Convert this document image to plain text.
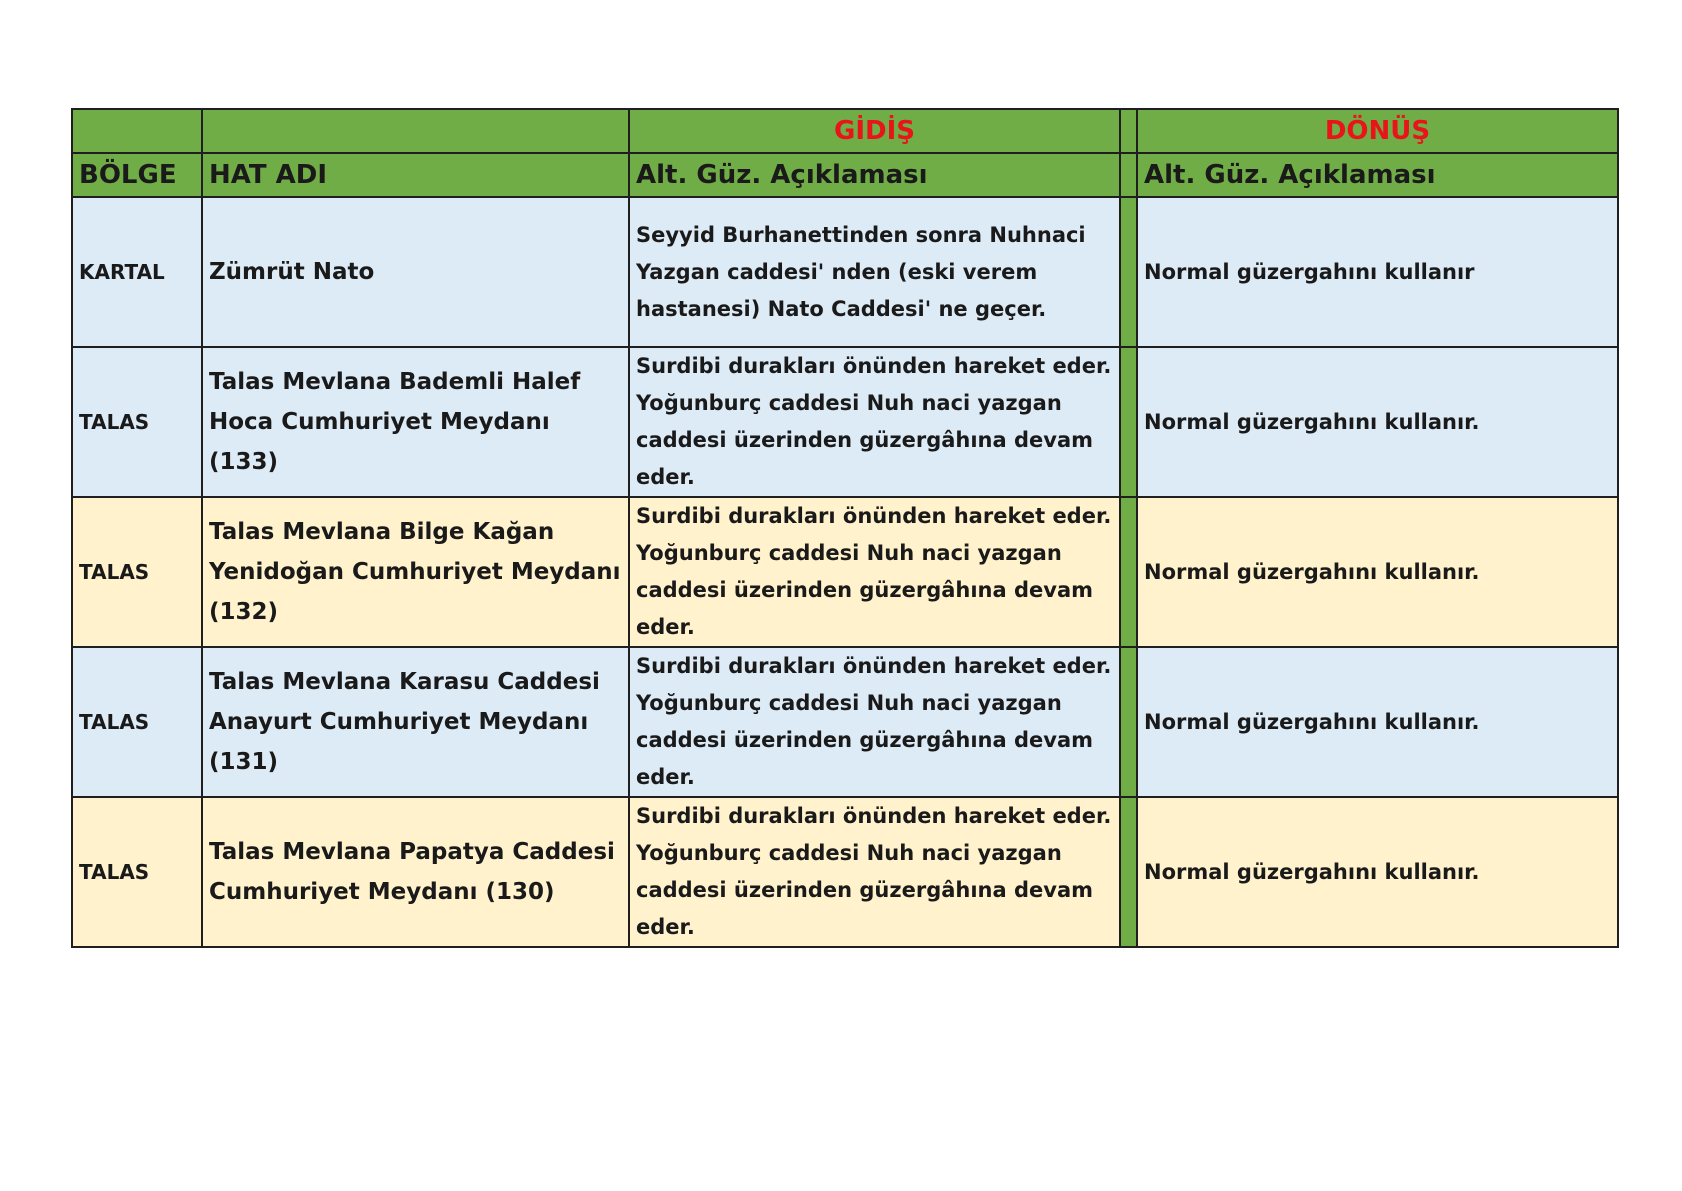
		GİDİŞ		DÖNÜŞ
BÖLGE	HAT ADI	Alt. Güz. Açıklaması		Alt. Güz. Açıklaması
KARTAL	Zümrüt Nato	Seyyid Burhanettinden sonra Nuhnaci Yazgan caddesi' nden (eski verem hastanesi) Nato Caddesi' ne geçer.		Normal güzergahını kullanır
TALAS	Talas Mevlana Bademli Halef Hoca Cumhuriyet Meydanı (133)	Surdibi durakları önünden hareket eder. Yoğunburç caddesi Nuh naci yazgan caddesi üzerinden güzergâhına devam eder.		Normal güzergahını kullanır.
TALAS	Talas Mevlana Bilge Kağan Yenidoğan Cumhuriyet Meydanı (132)	Surdibi durakları önünden hareket eder. Yoğunburç caddesi Nuh naci yazgan caddesi üzerinden güzergâhına devam eder.		Normal güzergahını kullanır.
TALAS	Talas Mevlana Karasu Caddesi Anayurt Cumhuriyet Meydanı (131)	Surdibi durakları önünden hareket eder. Yoğunburç caddesi Nuh naci yazgan caddesi üzerinden güzergâhına devam eder.		Normal güzergahını kullanır.
TALAS	Talas Mevlana Papatya Caddesi Cumhuriyet Meydanı (130)	Surdibi durakları önünden hareket eder. Yoğunburç caddesi Nuh naci yazgan caddesi üzerinden güzergâhına devam eder.		Normal güzergahını kullanır.
